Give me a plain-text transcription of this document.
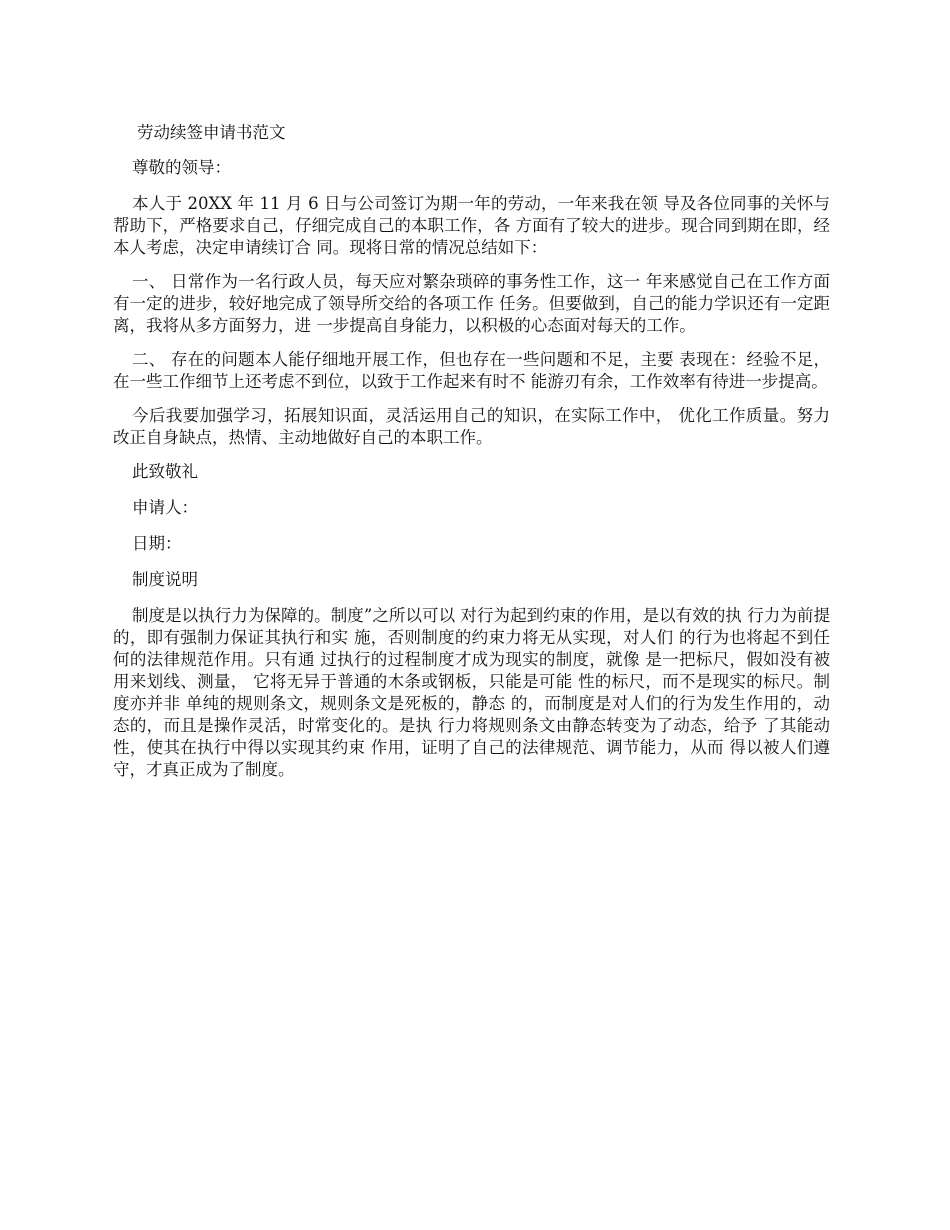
劳动续签申请书范文

尊敬的领导：

本人于 20XX 年 11 月 6 日与公司签订为期一年的劳动，一年来我在领 导及各位同事的关怀与帮助下，严格要求自己，仔细完成自己的本职工作，各 方面有了较大的进步。现合同到期在即，经本人考虑，决定申请续订合 同。现将日常的情况总结如下：

一、 日常作为一名行政人员，每天应对繁杂琐碎的事务性工作，这一 年来感觉自己在工作方面有一定的进步，较好地完成了领导所交给的各项工作 任务。但要做到，自己的能力学识还有一定距离，我将从多方面努力，进 一步提高自身能力，以积极的心态面对每天的工作。

二、 存在的问题本人能仔细地开展工作，但也存在一些问题和不足，主要 表现在：经验不足，在一些工作细节上还考虑不到位，以致于工作起来有时不 能游刃有余，工作效率有待进一步提高。

今后我要加强学习，拓展知识面，灵活运用自己的知识，在实际工作中， 优化工作质量。努力改正自身缺点，热情、主动地做好自己的本职工作。

此致敬礼

申请人：

日期：

制度说明

制度是以执行力为保障的。制度”之所以可以 对行为起到约束的作用，是以有效的执 行力为前提的，即有强制力保证其执行和实 施，否则制度的约束力将无从实现，对人们 的行为也将起不到任何的法律规范作用。只有通 过执行的过程制度才成为现实的制度，就像 是一把标尺，假如没有被用来划线、测量， 它将无异于普通的木条或钢板，只能是可能 性的标尺，而不是现实的标尺。制度亦并非 单纯的规则条文，规则条文是死板的，静态 的，而制度是对人们的行为发生作用的，动 态的，而且是操作灵活，时常变化的。是执 行力将规则条文由静态转变为了动态，给予 了其能动性，使其在执行中得以实现其约束 作用，证明了自己的法律规范、调节能力，从而 得以被人们遵守，才真正成为了制度。
